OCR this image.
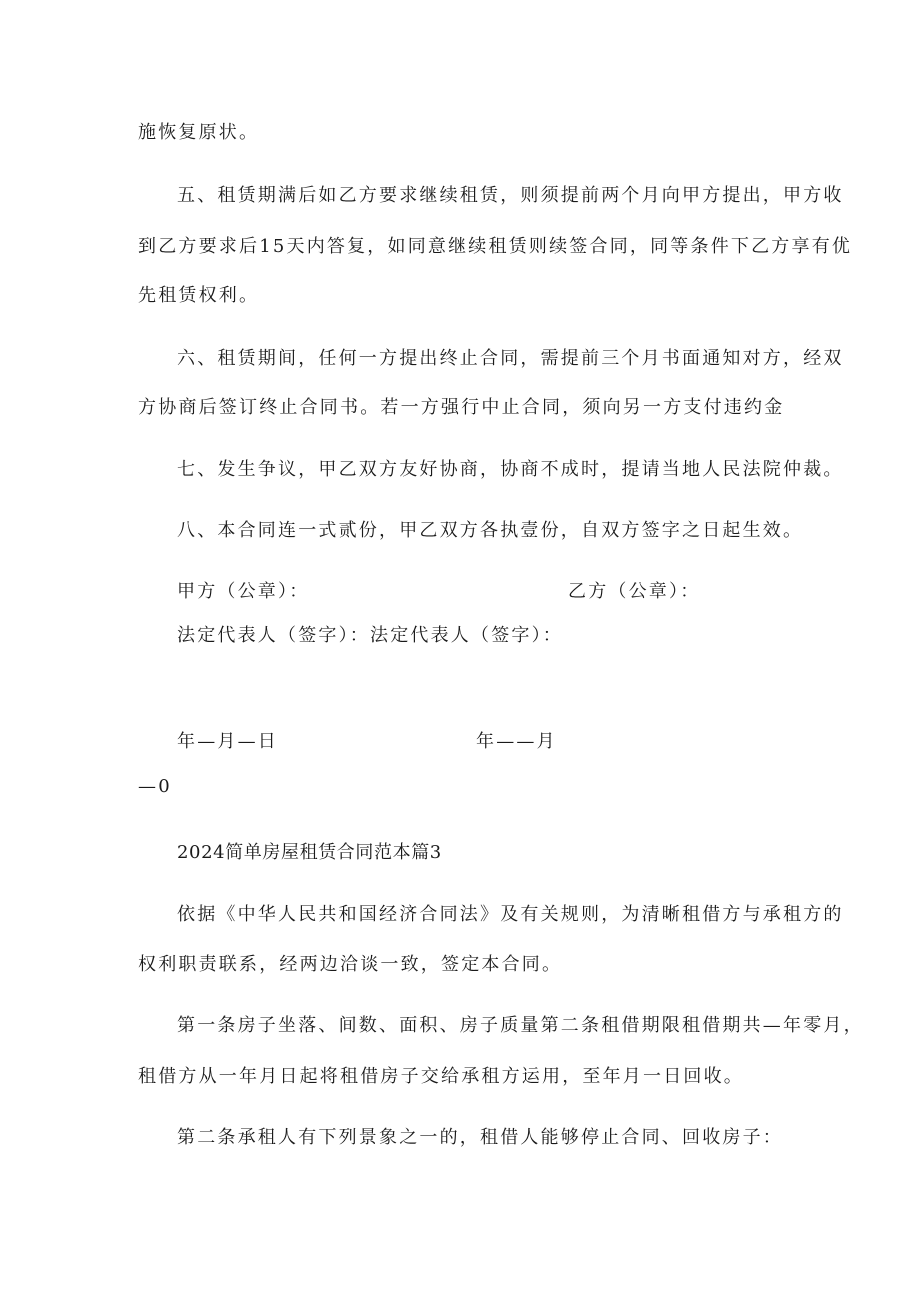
施恢复原状。
五、租赁期满后如乙方要求继续租赁，则须提前两个月向甲方提出，甲方收
到乙方要求后15天内答复，如同意继续租赁则续签合同，同等条件下乙方享有优
先租赁权利。
六、租赁期间，任何一方提出终止合同，需提前三个月书面通知对方，经双
方协商后签订终止合同书。若一方强行中止合同，须向另一方支付违约金
七、发生争议，甲乙双方友好协商，协商不成时，提请当地人民法院仲裁。
八、本合同连一式贰份，甲乙双方各执壹份，自双方签字之日起生效。
甲方（公章）：	乙方（公章）：
法定代表人（签字）：法定代表人（签字）：
年—月—日	年——月
—0
2024简单房屋租赁合同范本篇3
依据《中华人民共和国经济合同法》及有关规则，为清晰租借方与承租方的
权利职责联系，经两边洽谈一致，签定本合同。
第一条房子坐落、间数、面积、房子质量第二条租借期限租借期共—年零月，
租借方从一年月日起将租借房子交给承租方运用，至年月一日回收。
第二条承租人有下列景象之一的，租借人能够停止合同、回收房子：
